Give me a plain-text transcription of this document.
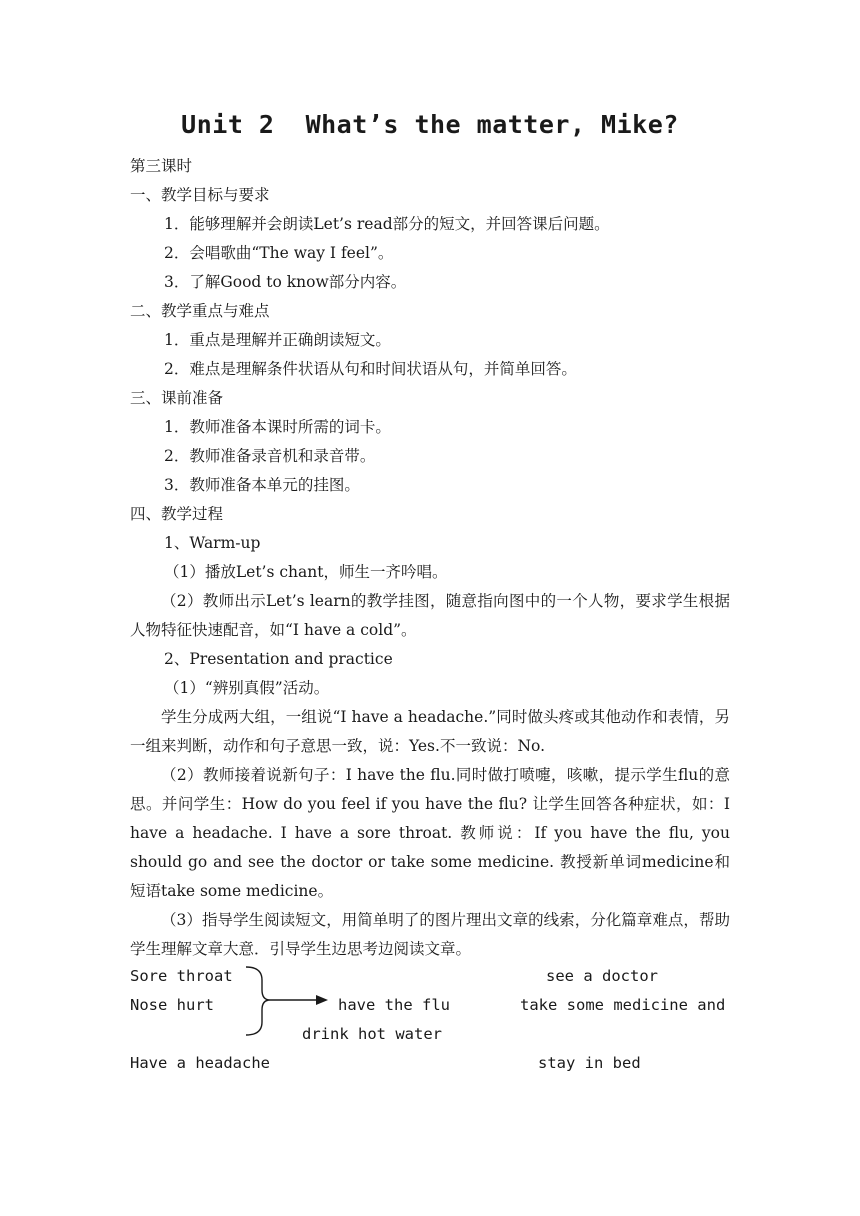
Unit 2  What’s the matter, Mike?
第三课时
一、教学目标与要求
1．能够理解并会朗读Let’s read部分的短文，并回答课后问题。
2．会唱歌曲“The way I feel”。
3．了解Good to know部分内容。
二、教学重点与难点
1．重点是理解并正确朗读短文。
2．难点是理解条件状语从句和时间状语从句，并简单回答。
三、课前准备
1．教师准备本课时所需的词卡。
2．教师准备录音机和录音带。
3．教师准备本单元的挂图。
四、教学过程
1、Warm-up
（1）播放Let’s chant，师生一齐吟唱。
（2）教师出示Let’s learn的教学挂图，随意指向图中的一个人物，要求学生根据人物特征快速配音，如“I have a cold”。
2、Presentation and practice
（1）“辨别真假”活动。
学生分成两大组，一组说“I have a headache.”同时做头疼或其他动作和表情，另一组来判断，动作和句子意思一致，说：Yes.不一致说：No.
（2）教师接着说新句子：I have the flu.同时做打喷嚏，咳嗽，提示学生flu的意思。并问学生：How do you feel if you have the flu? 让学生回答各种症状，如：I have a headache. I have a sore throat. 教师说：If you have the flu, you should go and see the doctor or take some medicine. 教授新单词medicine和短语take some medicine。
（3）指导学生阅读短文，用简单明了的图片理出文章的线索，分化篇章难点，帮助学生理解文章大意．引导学生边思考边阅读文章。
Sore throat
Nose hurt
Have a headache
have the flu
see a doctor
take some medicine and
drink hot water
stay in bed
